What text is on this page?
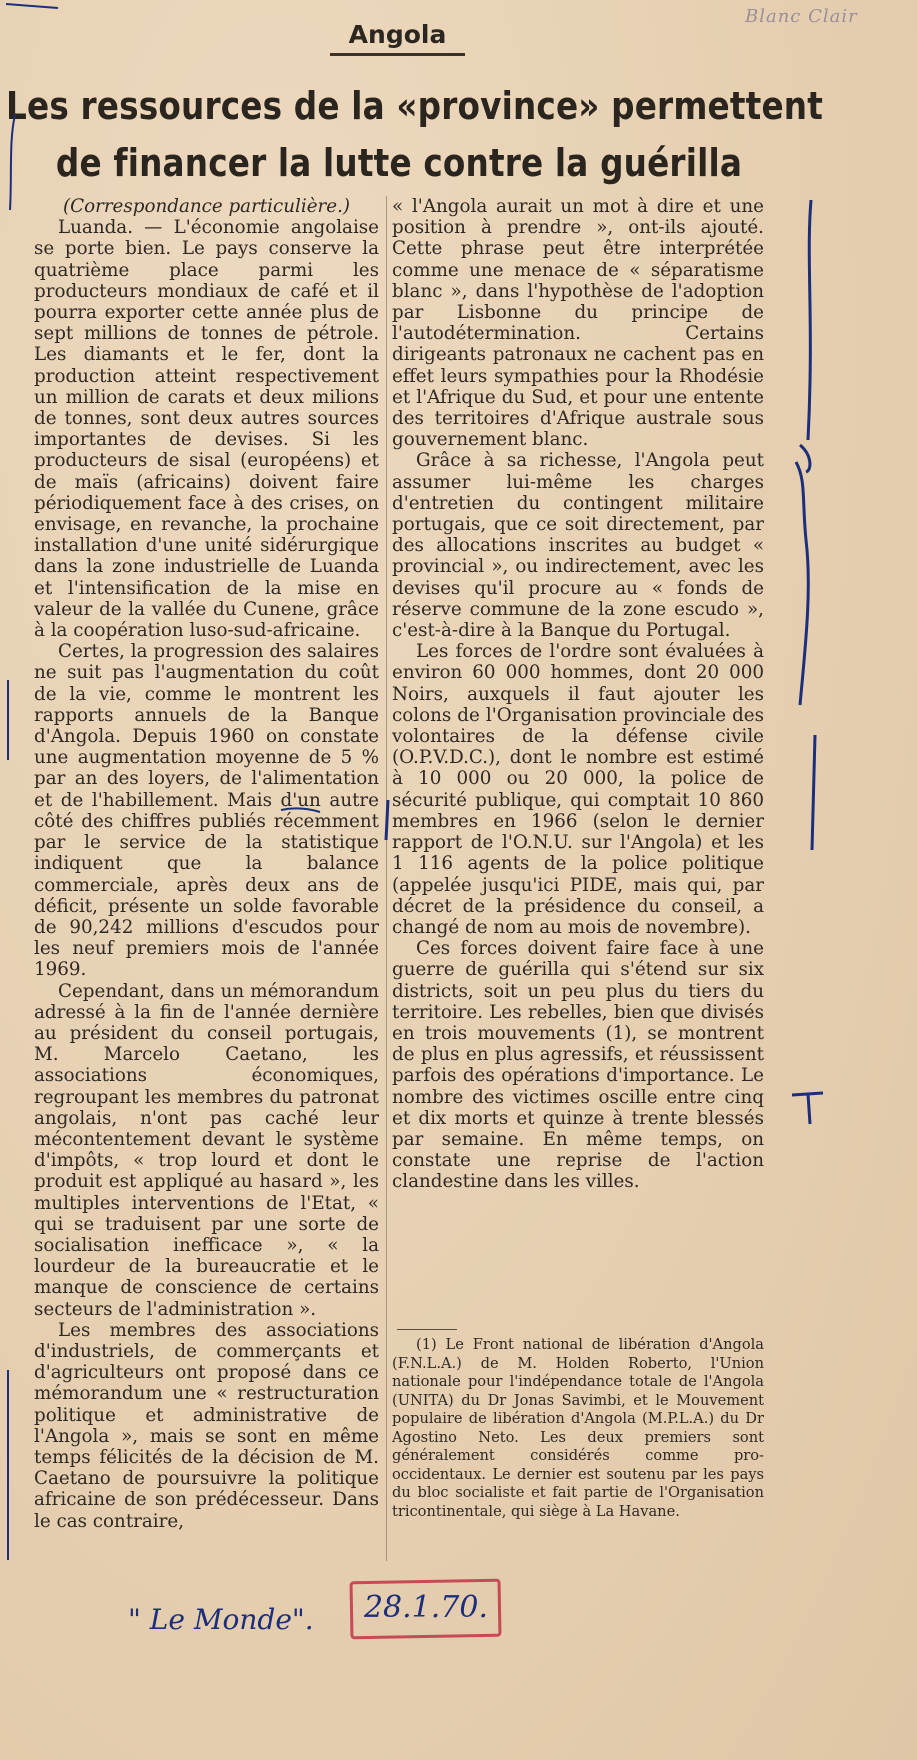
Blanc Clair
Angola
Les ressources de la «province» permettent
de financer la lutte contre la guérilla

(Correspondance particulière.)

Luanda. — L'économie angolaise se porte bien. Le pays conserve la quatrième place parmi les producteurs mondiaux de café et il pourra exporter cette année plus de sept millions de tonnes de pétrole. Les diamants et le fer, dont la production atteint respectivement un million de carats et deux milions de tonnes, sont deux autres sources importantes de devises. Si les producteurs de sisal (européens) et de maïs (africains) doivent faire périodiquement face à des crises, on envisage, en revanche, la prochaine installation d'une unité sidérurgique dans la zone industrielle de Luanda et l'intensification de la mise en valeur de la vallée du Cunene, grâce à la coopération luso-sud-africaine.

Certes, la progression des salaires ne suit pas l'augmentation du coût de la vie, comme le montrent les rapports annuels de la Banque d'Angola. Depuis 1960 on constate une augmentation moyenne de 5 % par an des loyers, de l'alimentation et de l'habillement. Mais d'un autre côté des chiffres publiés récemment par le service de la statistique indiquent que la balance commerciale, après deux ans de déficit, présente un solde favorable de 90,242 millions d'escudos pour les neuf premiers mois de l'année 1969.

Cependant, dans un mémorandum adressé à la fin de l'année dernière au président du conseil portugais, M. Marcelo Caetano, les associations économiques, regroupant les membres du patronat angolais, n'ont pas caché leur mécontentement devant le système d'impôts, « trop lourd et dont le produit est appliqué au hasard », les multiples interventions de l'Etat, « qui se traduisent par une sorte de socialisation inefficace », « la lourdeur de la bureaucratie et le manque de conscience de certains secteurs de l'administration ».

Les membres des associations d'industriels, de commerçants et d'agriculteurs ont proposé dans ce mémorandum une « restructuration politique et administrative de l'Angola », mais se sont en même temps félicités de la décision de M. Caetano de poursuivre la politique africaine de son prédécesseur. Dans le cas contraire,

« l'Angola aurait un mot à dire et une position à prendre », ont-ils ajouté. Cette phrase peut être interprétée comme une menace de « séparatisme blanc », dans l'hypothèse de l'adoption par Lisbonne du principe de l'autodétermination. Certains dirigeants patronaux ne cachent pas en effet leurs sympathies pour la Rhodésie et l'Afrique du Sud, et pour une entente des territoires d'Afrique australe sous gouvernement blanc.

Grâce à sa richesse, l'Angola peut assumer lui-même les charges d'entretien du contingent militaire portugais, que ce soit directement, par des allocations inscrites au budget « provincial », ou indirectement, avec les devises qu'il procure au « fonds de réserve commune de la zone escudo », c'est-à-dire à la Banque du Portugal.

Les forces de l'ordre sont évaluées à environ 60 000 hommes, dont 20 000 Noirs, auxquels il faut ajouter les colons de l'Organisation provinciale des volontaires de la défense civile (O.P.V.D.C.), dont le nombre est estimé à 10 000 ou 20 000, la police de sécurité publique, qui comptait 10 860 membres en 1966 (selon le dernier rapport de l'O.N.U. sur l'Angola) et les 1 116 agents de la police politique (appelée jusqu'ici PIDE, mais qui, par décret de la présidence du conseil, a changé de nom au mois de novembre).

Ces forces doivent faire face à une guerre de guérilla qui s'étend sur six districts, soit un peu plus du tiers du territoire. Les rebelles, bien que divisés en trois mouvements (1), se montrent de plus en plus agressifs, et réussissent parfois des opérations d'importance. Le nombre des victimes oscille entre cinq et dix morts et quinze à trente blessés par semaine. En même temps, on constate une reprise de l'action clandestine dans les villes.

(1) Le Front national de libération d'Angola (F.N.L.A.) de M. Holden Roberto, l'Union nationale pour l'indépendance totale de l'Angola (UNITA) du Dr Jonas Savimbi, et le Mouvement populaire de libération d'Angola (M.P.L.A.) du Dr Agostino Neto. Les deux premiers sont généralement considérés comme pro-occidentaux. Le dernier est soutenu par les pays du bloc socialiste et fait partie de l'Organisation tricontinentale, qui siège à La Havane.

" Le Monde".	28.1.70.
